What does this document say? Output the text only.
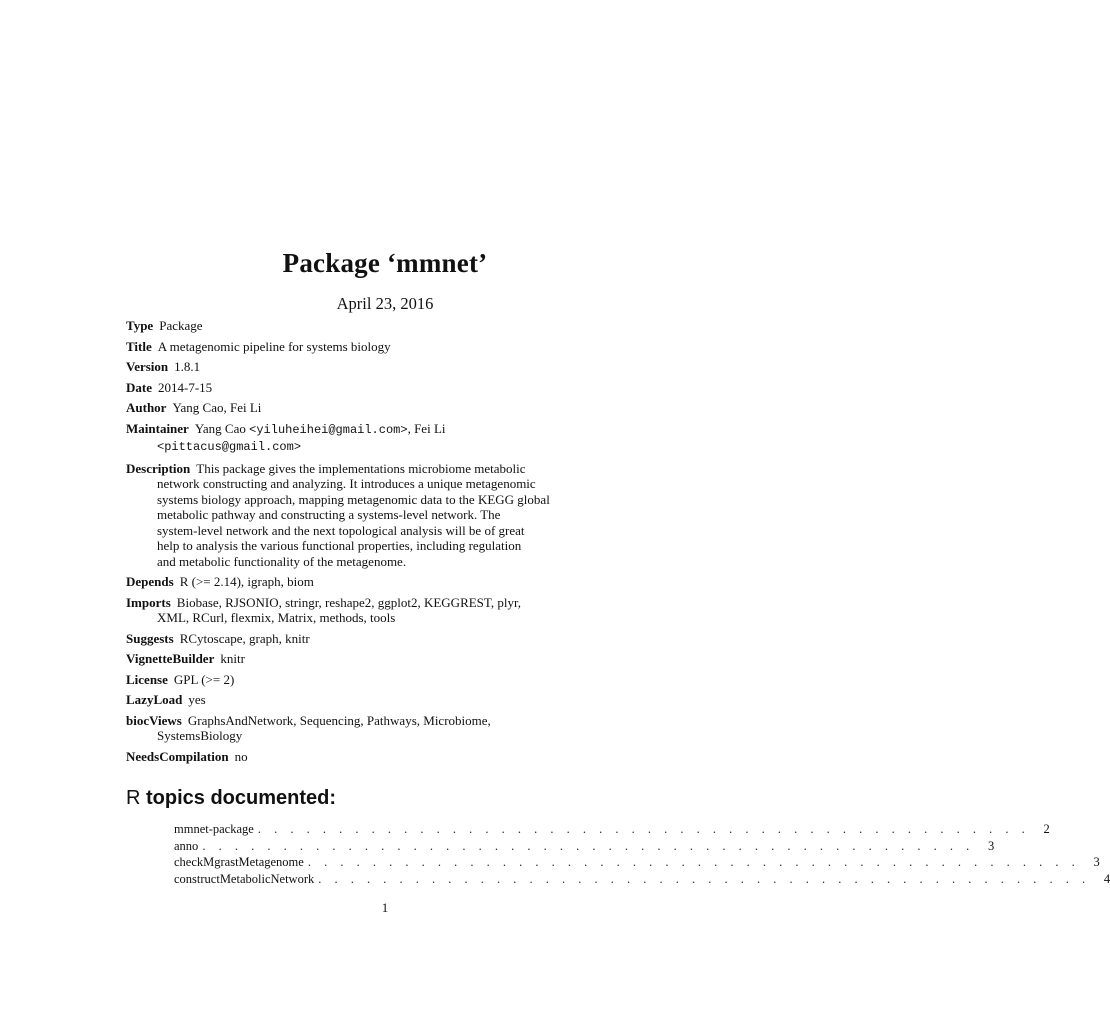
Package ‘mmnet’
April 23, 2016
Type Package
Title A metagenomic pipeline for systems biology
Version 1.8.1
Date 2014-7-15
Author Yang Cao, Fei Li
Maintainer Yang Cao <yiluheihei@gmail.com>, Fei Li
<pittacus@gmail.com>
Description This package gives the implementations microbiome metabolic
network constructing and analyzing. It introduces a unique metagenomic
systems biology approach, mapping metagenomic data to the KEGG global
metabolic pathway and constructing a systems-level network. The
system-level network and the next topological analysis will be of great
help to analysis the various functional properties, including regulation
and metabolic functionality of the metagenome.
Depends R (>= 2.14), igraph, biom
Imports Biobase, RJSONIO, stringr, reshape2, ggplot2, KEGGREST, plyr,
XML, RCurl, flexmix, Matrix, methods, tools
Suggests RCytoscape, graph, knitr
VignetteBuilder knitr
License GPL (>= 2)
LazyLoad yes
biocViews GraphsAndNetwork, Sequencing, Pathways, Microbiome,
SystemsBiology
NeedsCompilation no
R topics documented:
mmnet-package . . . . . . . . . . . . . . . . . . . . . . . . . . . . . . . . . . . . . . . . . . . . . . . .	2
anno . . . . . . . . . . . . . . . . . . . . . . . . . . . . . . . . . . . . . . . . . . . . . . . .	3
checkMgrastMetagenome . . . . . . . . . . . . . . . . . . . . . . . . . . . . . . . . . . . . . . . . . . . . . . . .	3
constructMetabolicNetwork . . . . . . . . . . . . . . . . . . . . . . . . . . . . . . . . . . . . . . . . . . . . . . . .	4
1
